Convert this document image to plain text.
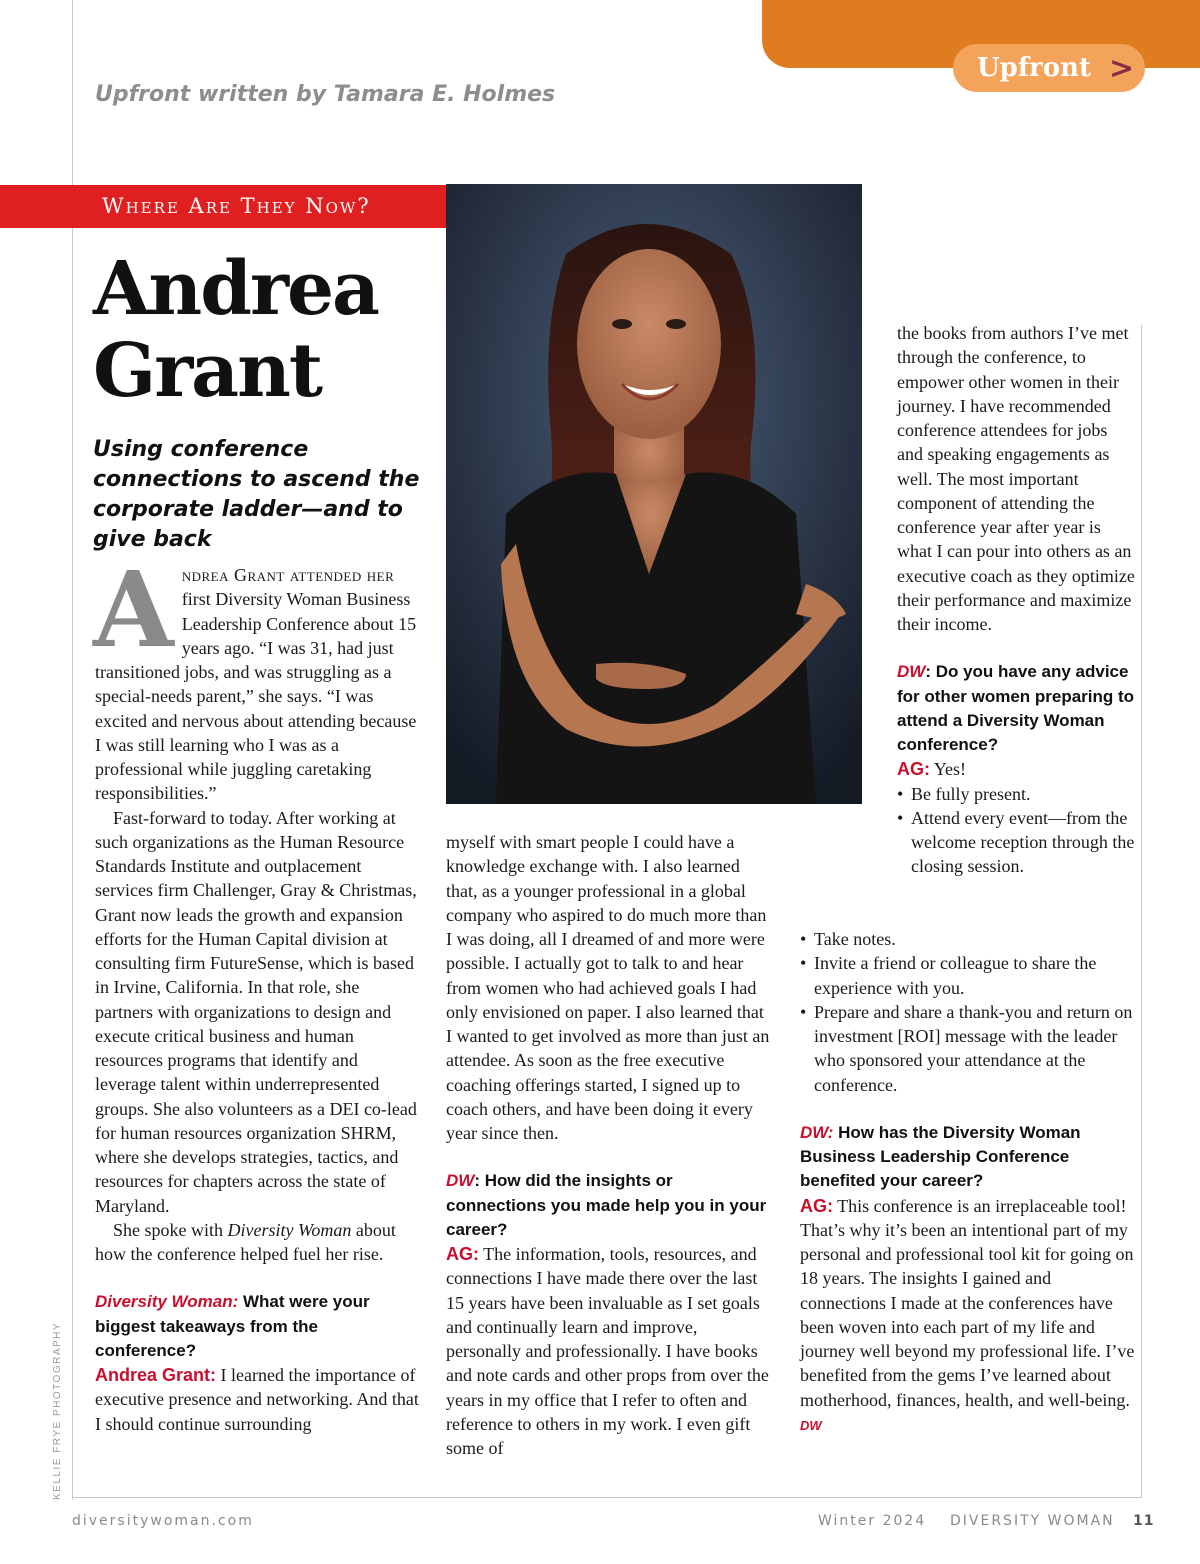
Upfront >
Upfront written by Tamara E. Holmes
Where Are They Now?
Andrea
Grant
Using conference connections to ascend the corporate ladder—and to give back

Andrea Grant attended her first Diversity Woman Business Leadership Conference about 15 years ago. “I was 31, had just transitioned jobs, and was struggling as a special-needs parent,” she says. “I was excited and nervous about attending because I was still learning who I was as a professional while juggling caretaking responsibilities.”

Fast-forward to today. After working at such organizations as the Human Resource Standards Institute and outplacement services firm Challenger, Gray & Christmas, Grant now leads the growth and expansion efforts for the Human Capital division at consulting firm FutureSense, which is based in Irvine, California. In that role, she partners with organizations to design and execute critical business and human resources programs that identify and leverage talent within underrepresented groups. She also volunteers as a DEI co-lead for human resources organization SHRM, where she develops strategies, tactics, and resources for chapters across the state of Maryland.

She spoke with Diversity Woman about how the conference helped fuel her rise.

Diversity Woman: What were your biggest takeaways from the conference?

Andrea Grant: I learned the importance of executive presence and networking. And that I should continue surrounding

myself with smart people I could have a knowledge exchange with. I also learned that, as a younger professional in a global company who aspired to do much more than I was doing, all I dreamed of and more were possible. I actually got to talk to and hear from women who had achieved goals I had only envisioned on paper. I also learned that I wanted to get involved as more than just an attendee. As soon as the free executive coaching offerings started, I signed up to coach others, and have been doing it every year since then.

DW: How did the insights or connections you made help you in your career?

AG: The information, tools, resources, and connections I have made there over the last 15 years have been invaluable as I set goals and continually learn and improve, personally and professionally. I have books and note cards and other props from over the years in my office that I refer to often and reference to others in my work. I even gift some of

the books from authors I’ve met through the conference, to empower other women in their journey. I have recommended conference attendees for jobs and speaking engagements as well. The most important component of attending the conference year after year is what I can pour into others as an executive coach as they optimize their performance and maximize their income.

DW: Do you have any advice for other women preparing to attend a Diversity Woman conference?

AG: Yes!

• Be fully present.
• Attend every event—from the welcome reception through the closing session.
• Take notes.
• Invite a friend or colleague to share the experience with you.
• Prepare and share a thank-you and return on investment [ROI] message with the leader who sponsored your attendance at the conference.

DW: How has the Diversity Woman Business Leadership Conference benefited your career?

AG: This conference is an irreplaceable tool! That’s why it’s been an intentional part of my personal and professional tool kit for going on 18 years. The insights I gained and connections I made at the conferences have been woven into each part of my life and journey well beyond my professional life. I’ve benefited from the gems I’ve learned about motherhood, finances, health, and well-being. DW

KELLIE FRYE PHOTOGRAPHY
diversitywoman.com	Winter 2024 DIVERSITY WOMAN 11
